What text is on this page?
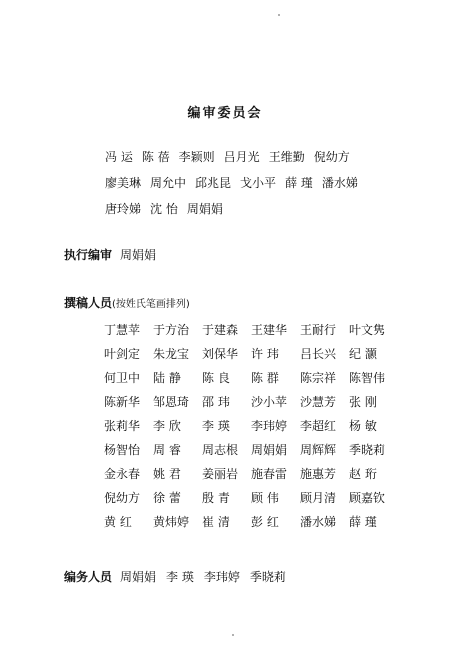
编审委员会
冯 运 陈 蓓 李颖则 吕月光 王维勤 倪幼方
廖美琳 周允中 邱兆昆 戈小平 薛 瑾 潘水娣
唐玲娣 沈 怡 周娟娟
执行编审 周娟娟
撰稿人员(按姓氏笔画排列)
丁慧苹	于方治	于建森	王建华	王耐行	叶文隽
叶剑定	朱龙宝	刘保华	许 玮	吕长兴	纪 灏
何卫中	陆 静	陈 良	陈 群	陈宗祥	陈智伟
陈新华	邹恩琦	邵 玮	沙小苹	沙慧芳	张 刚
张莉华	李 欣	李 瑛	李玮婷	李超红	杨 敏
杨智怡	周 睿	周志根	周娟娟	周辉辉	季晓莉
金永春	姚 君	姜丽岩	施春雷	施惠芳	赵 珩
倪幼方	徐 蕾	殷 青	顾 伟	顾月清	顾嘉钦
黄 红	黄炜婷	崔 清	彭 红	潘水娣	薛 瑾
编务人员 周娟娟 李 瑛 李玮婷 季晓莉
